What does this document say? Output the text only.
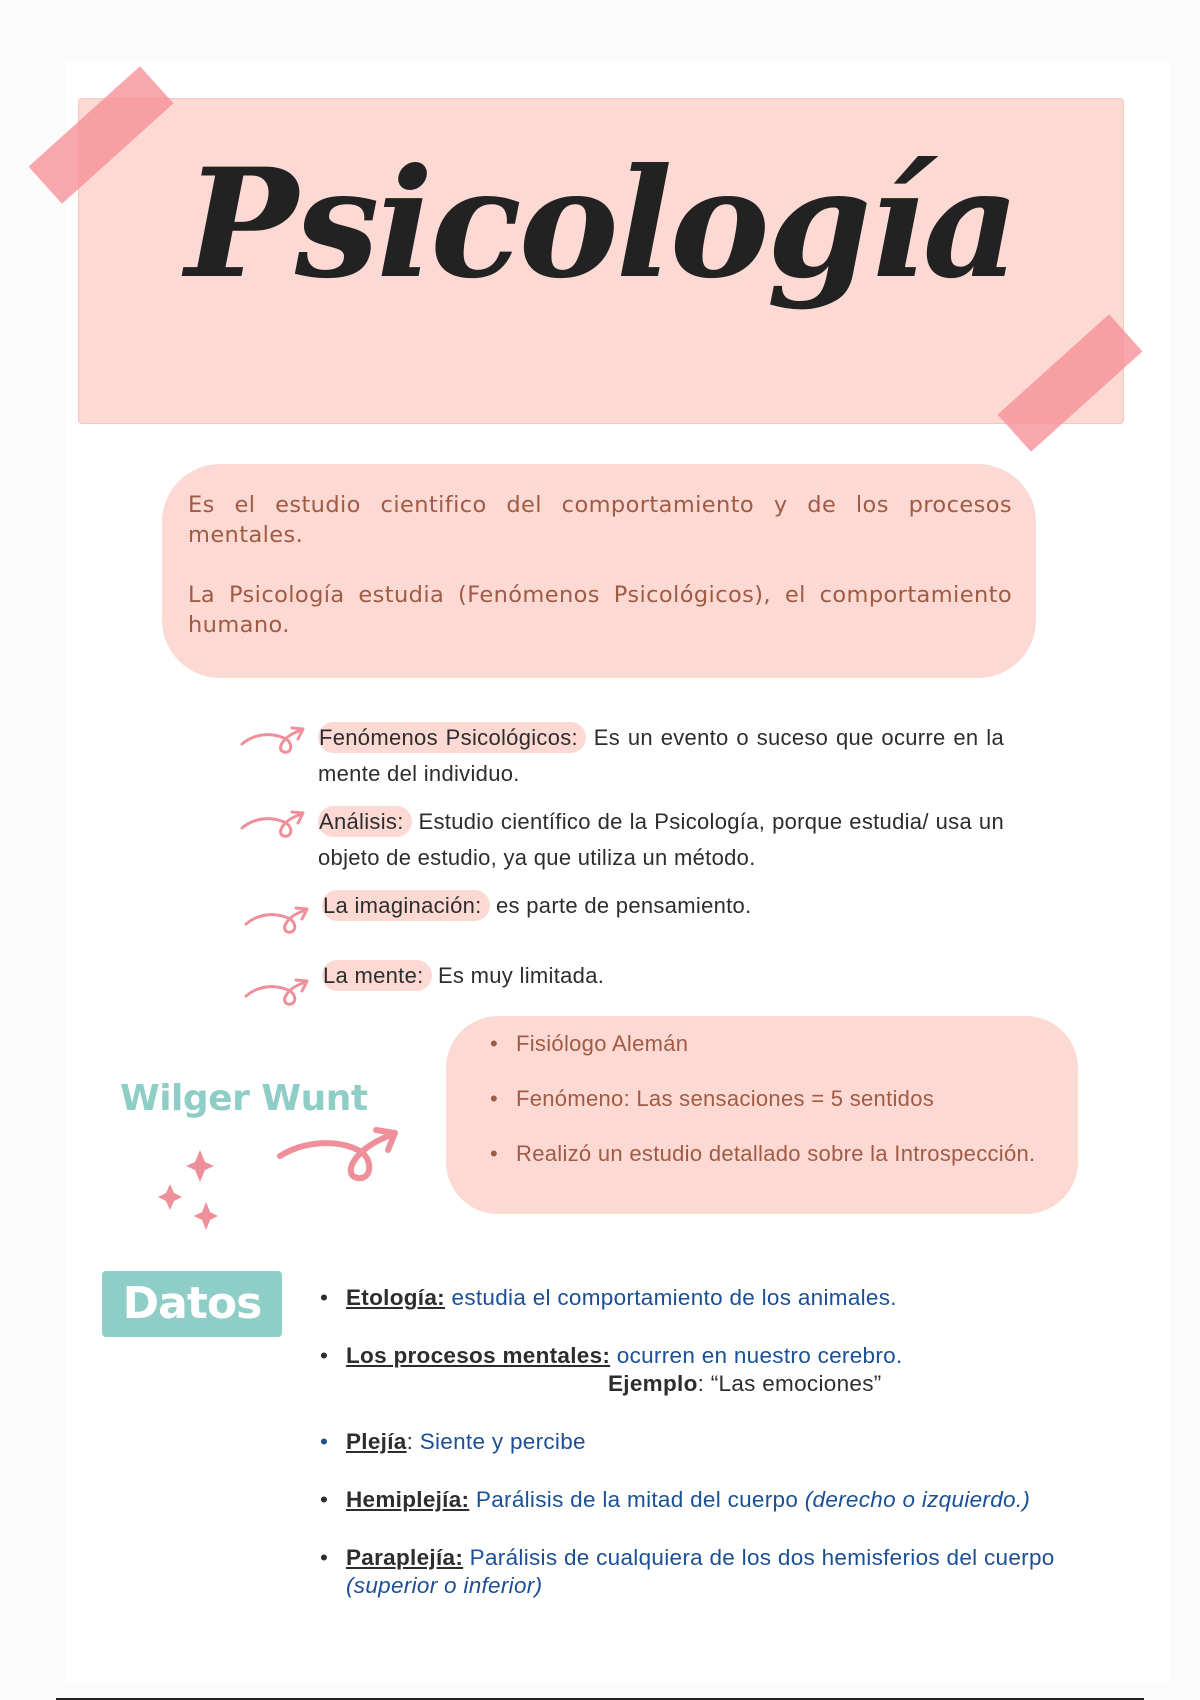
Psicología

Es el estudio cientifico del comportamiento y de los procesos mentales.

La Psicología estudia (Fenómenos Psicológicos), el comportamiento humano.

Fenómenos Psicológicos: Es un evento o suceso que ocurre en la mente del individuo.
Análisis: Estudio científico de la Psicología, porque estudia/ usa un objeto de estudio, ya que utiliza un método.
La imaginación: es parte de pensamiento.
La mente: Es muy limitada.
Wilger Wunt
• Fisiólogo Alemán
• Fenómeno: Las sensaciones = 5 sentidos
• Realizó un estudio detallado sobre la Introspección.
Datos
•	Etología: estudia el comportamiento de los animales.
• Los procesos mentales: ocurren en nuestro cerebro.
Ejemplo: “Las emociones”
• Plejía: Siente y percibe
• Hemiplejía: Parálisis de la mitad del cuerpo (derecho o izquierdo.)
• Paraplejía: Parálisis de cualquiera de los dos hemisferios del cuerpo (superior o inferior)
